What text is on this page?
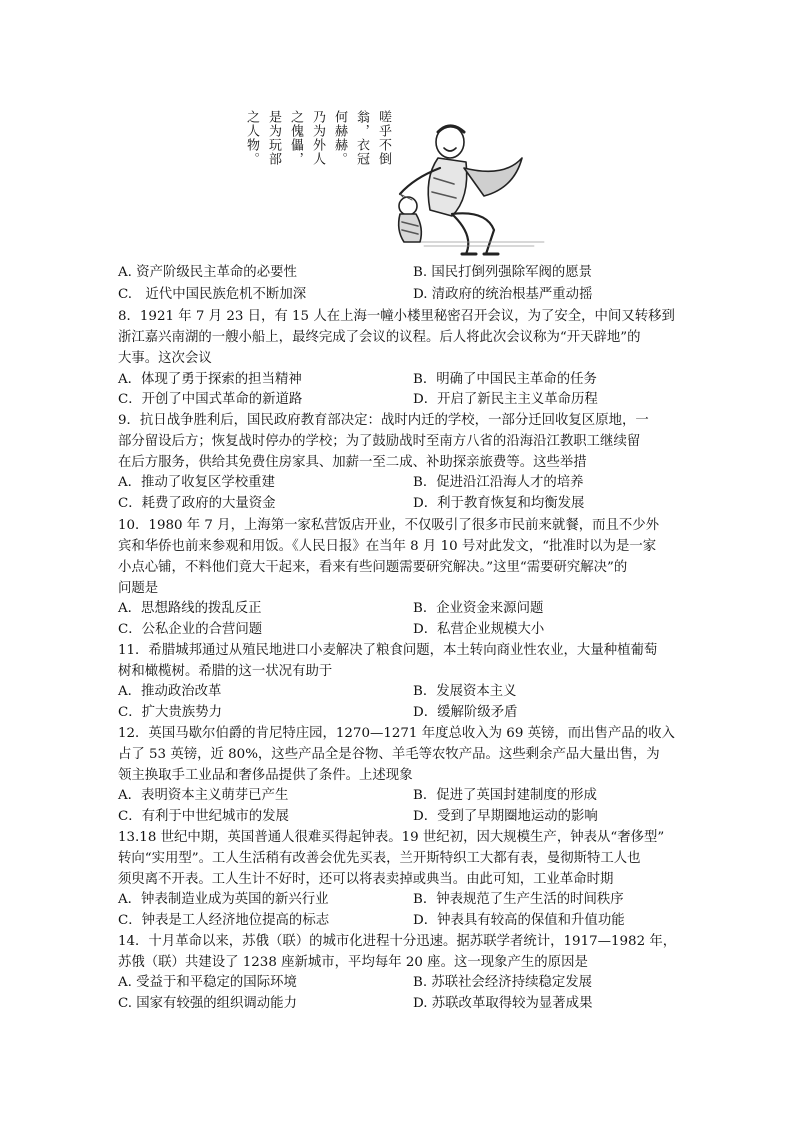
嗟乎不倒
翁，衣冠
何赫赫。
乃为外人
之傀儡，
是为玩部
之人物。
A. 资产阶级民主革命的必要性	B. 国民打倒列强除军阀的愿景
C.　近代中国民族危机不断加深	D. 清政府的统治根基严重动摇
8．1921 年 7 月 23 日，有 15 人在上海一幢小楼里秘密召开会议，为了安全，中间又转移到
浙江嘉兴南湖的一艘小船上，最终完成了会议的议程。后人将此次会议称为“开天辟地”的
大事。这次会议
A．体现了勇于探索的担当精神	B．明确了中国民主革命的任务
C．开创了中国式革命的新道路	D．开启了新民主主义革命历程
9．抗日战争胜利后，国民政府教育部决定：战时内迁的学校，一部分迁回收复区原地，一
部分留设后方；恢复战时停办的学校；为了鼓励战时至南方八省的沿海沿江教职工继续留
在后方服务，供给其免费住房家具、加薪一至二成、补助探亲旅费等。这些举措
A．推动了收复区学校重建	B．促进沿江沿海人才的培养
C．耗费了政府的大量资金	D．利于教育恢复和均衡发展
10．1980 年 7 月，上海第一家私营饭店开业，不仅吸引了很多市民前来就餐，而且不少外
宾和华侨也前来参观和用饭。《人民日报》在当年 8 月 10 号对此发文，“批准时以为是一家
小点心铺，不料他们竟大干起来，看来有些问题需要研究解决。”这里“需要研究解决”的
问题是
A．思想路线的拨乱反正	B．企业资金来源问题
C．公私企业的合营问题	D．私营企业规模大小
11．希腊城邦通过从殖民地进口小麦解决了粮食问题，本土转向商业性农业，大量种植葡萄
树和橄榄树。希腊的这一状况有助于
A．推动政治改革	B．发展资本主义
C．扩大贵族势力	D．缓解阶级矛盾
12．英国马歇尔伯爵的肯尼特庄园，1270—1271 年度总收入为 69 英镑，而出售产品的收入
占了 53 英镑，近 80%，这些产品全是谷物、羊毛等农牧产品。这些剩余产品大量出售，为
领主换取手工业品和奢侈品提供了条件。上述现象
A．表明资本主义萌芽已产生	B．促进了英国封建制度的形成
C．有利于中世纪城市的发展	D．受到了早期圈地运动的影响
13.18 世纪中期，英国普通人很难买得起钟表。19 世纪初，因大规模生产，钟表从“奢侈型”
转向“实用型”。工人生活稍有改善会优先买表，兰开斯特织工大都有表，曼彻斯特工人也
须臾离不开表。工人生计不好时，还可以将表卖掉或典当。由此可知，工业革命时期
A．钟表制造业成为英国的新兴行业	B．钟表规范了生产生活的时间秩序
C．钟表是工人经济地位提高的标志	D．钟表具有较高的保值和升值功能
14．十月革命以来，苏俄（联）的城市化进程十分迅速。据苏联学者统计，1917—1982 年，
苏俄（联）共建设了 1238 座新城市，平均每年 20 座。这一现象产生的原因是
A. 受益于和平稳定的国际环境	B. 苏联社会经济持续稳定发展
C. 国家有较强的组织调动能力	D. 苏联改革取得较为显著成果
